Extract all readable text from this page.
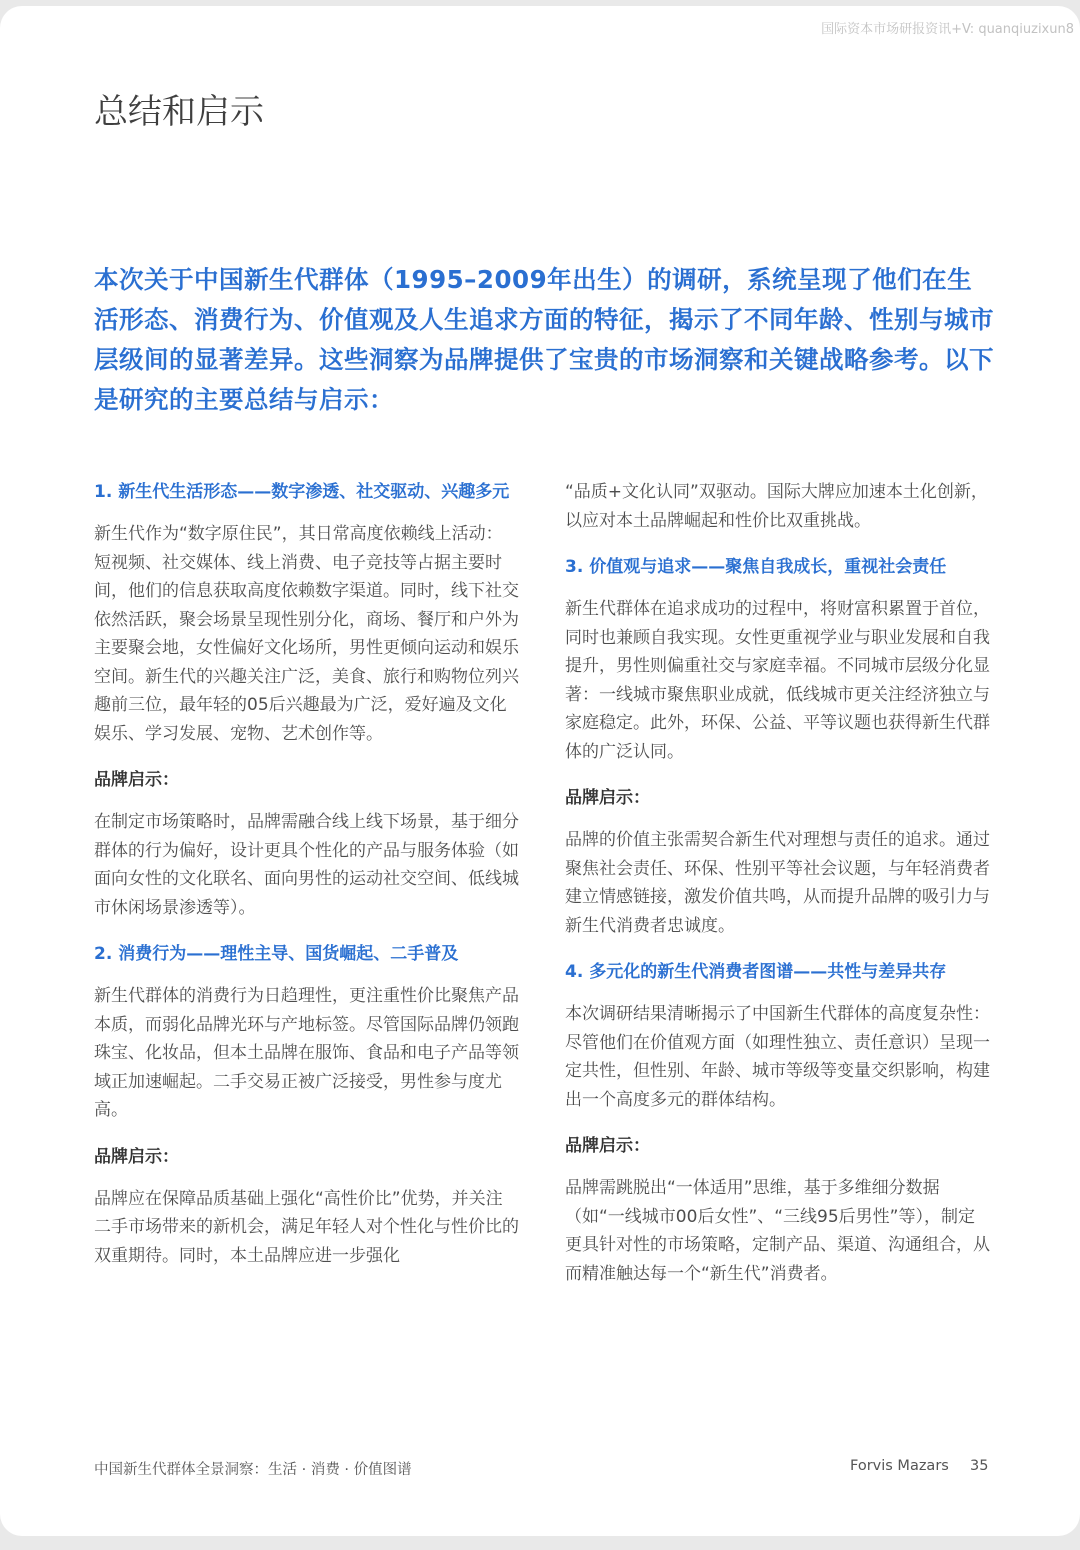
国际资本市场研报资讯+V: quanqiuzixun8
总结和启示
本次关于中国新生代群体（1995–2009年出生）的调研，系统呈现了他们在生活形态、消费行为、价值观及人生追求方面的特征，揭示了不同年龄、性别与城市层级间的显著差异。这些洞察为品牌提供了宝贵的市场洞察和关键战略参考。以下是研究的主要总结与启示：
1. 新生代生活形态——数字渗透、社交驱动、兴趣多元
新生代作为“数字原住民”，其日常高度依赖线上活动：短视频、社交媒体、线上消费、电子竞技等占据主要时间，他们的信息获取高度依赖数字渠道。同时，线下社交依然活跃，聚会场景呈现性别分化，商场、餐厅和户外为主要聚会地，女性偏好文化场所，男性更倾向运动和娱乐空间。新生代的兴趣关注广泛，美食、旅行和购物位列兴趣前三位，最年轻的05后兴趣最为广泛，爱好遍及文化娱乐、学习发展、宠物、艺术创作等。
品牌启示：
在制定市场策略时，品牌需融合线上线下场景，基于细分群体的行为偏好，设计更具个性化的产品与服务体验（如面向女性的文化联名、面向男性的运动社交空间、低线城市休闲场景渗透等）。
2. 消费行为——理性主导、国货崛起、二手普及
新生代群体的消费行为日趋理性，更注重性价比聚焦产品本质，而弱化品牌光环与产地标签。尽管国际品牌仍领跑珠宝、化妆品，但本土品牌在服饰、食品和电子产品等领域正加速崛起。二手交易正被广泛接受，男性参与度尤高。
品牌启示：
品牌应在保障品质基础上强化“高性价比”优势，并关注二手市场带来的新机会，满足年轻人对个性化与性价比的双重期待。同时，本土品牌应进一步强化
“品质+文化认同”双驱动。国际大牌应加速本土化创新，以应对本土品牌崛起和性价比双重挑战。
3. 价值观与追求——聚焦自我成长，重视社会责任
新生代群体在追求成功的过程中，将财富积累置于首位，同时也兼顾自我实现。女性更重视学业与职业发展和自我提升，男性则偏重社交与家庭幸福。不同城市层级分化显著：一线城市聚焦职业成就，低线城市更关注经济独立与家庭稳定。此外，环保、公益、平等议题也获得新生代群体的广泛认同。
品牌启示：
品牌的价值主张需契合新生代对理想与责任的追求。通过聚焦社会责任、环保、性别平等社会议题，与年轻消费者建立情感链接，激发价值共鸣，从而提升品牌的吸引力与新生代消费者忠诚度。
4. 多元化的新生代消费者图谱——共性与差异共存
本次调研结果清晰揭示了中国新生代群体的高度复杂性：尽管他们在价值观方面（如理性独立、责任意识）呈现一定共性，但性别、年龄、城市等级等变量交织影响，构建出一个高度多元的群体结构。
品牌启示：
品牌需跳脱出“一体适用”思维，基于多维细分数据（如“一线城市00后女性”、“三线95后男性”等），制定更具针对性的市场策略，定制产品、渠道、沟通组合，从而精准触达每一个“新生代”消费者。
中国新生代群体全景洞察：生活 · 消费 · 价值图谱	Forvis Mazars 35
